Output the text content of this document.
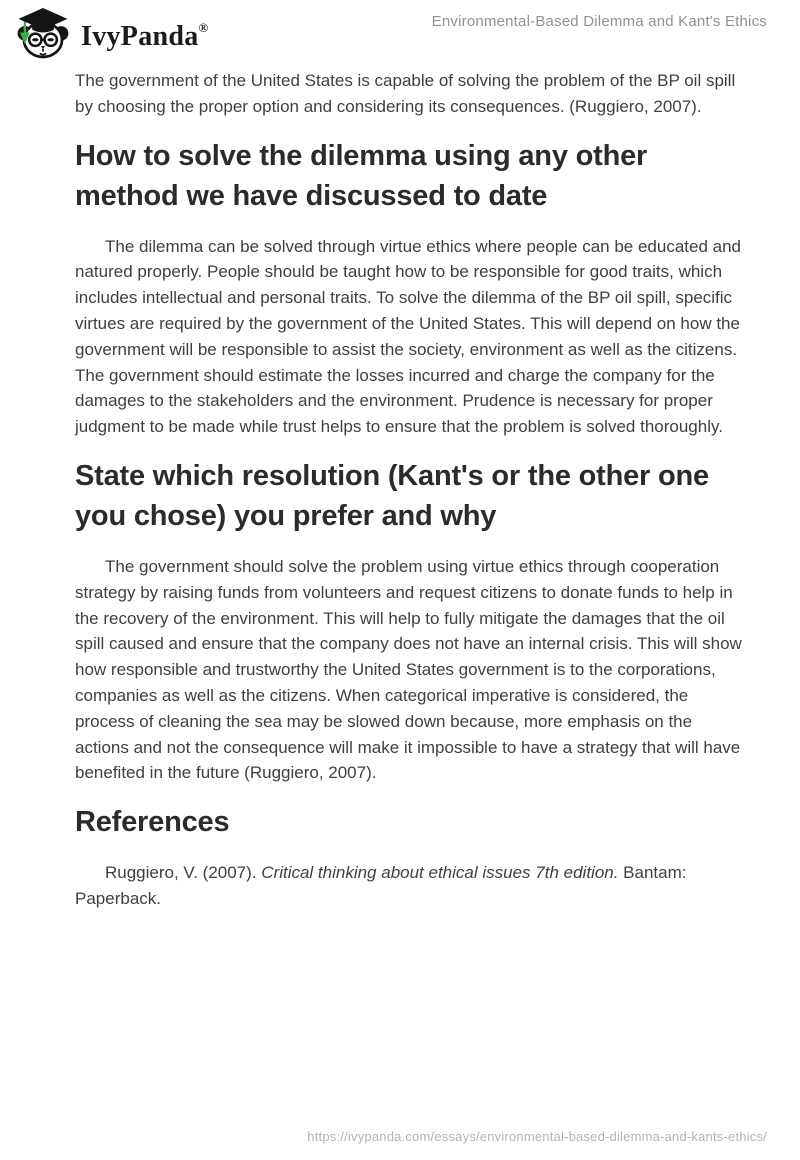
IvyPanda®	Environmental-Based Dilemma and Kant's Ethics

The government of the United States is capable of solving the problem of the BP oil spill by choosing the proper option and considering its consequences. (Ruggiero, 2007).

How to solve the dilemma using any other method we have discussed to date

The dilemma can be solved through virtue ethics where people can be educated and natured properly. People should be taught how to be responsible for good traits, which includes intellectual and personal traits. To solve the dilemma of the BP oil spill, specific virtues are required by the government of the United States. This will depend on how the government will be responsible to assist the society, environment as well as the citizens. The government should estimate the losses incurred and charge the company for the damages to the stakeholders and the environment. Prudence is necessary for proper judgment to be made while trust helps to ensure that the problem is solved thoroughly.

State which resolution (Kant's or the other one you chose) you prefer and why

The government should solve the problem using virtue ethics through cooperation strategy by raising funds from volunteers and request citizens to donate funds to help in the recovery of the environment. This will help to fully mitigate the damages that the oil spill caused and ensure that the company does not have an internal crisis. This will show how responsible and trustworthy the United States government is to the corporations, companies as well as the citizens. When categorical imperative is considered, the process of cleaning the sea may be slowed down because, more emphasis on the actions and not the consequence will make it impossible to have a strategy that will have benefited in the future (Ruggiero, 2007).

References

Ruggiero, V. (2007). Critical thinking about ethical issues 7th edition. Bantam: Paperback.

https://ivypanda.com/essays/environmental-based-dilemma-and-kants-ethics/
